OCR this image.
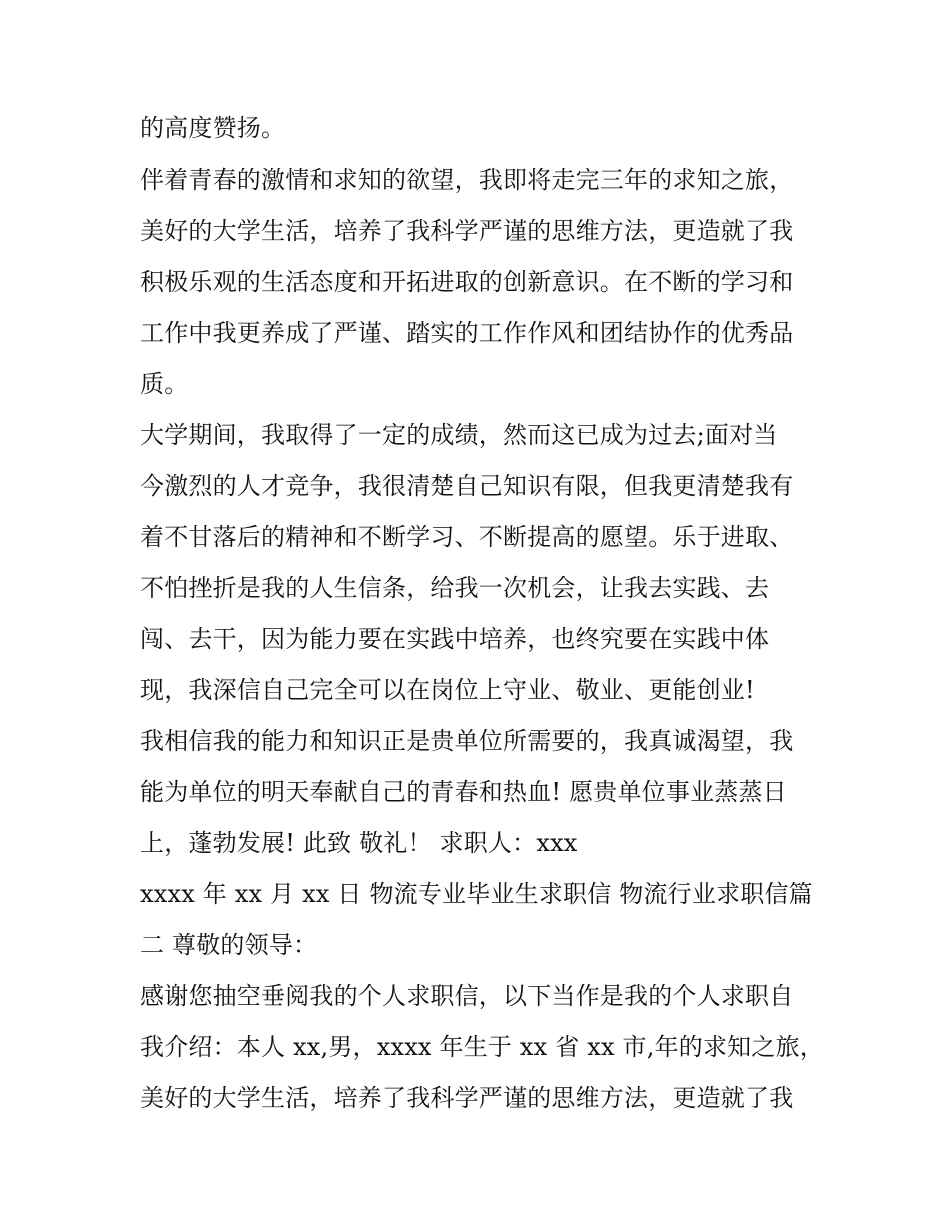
的高度赞扬。
伴着青春的激情和求知的欲望，我即将走完三年的求知之旅，
美好的大学生活，培养了我科学严谨的思维方法，更造就了我
积极乐观的生活态度和开拓进取的创新意识。在不断的学习和
工作中我更养成了严谨、踏实的工作作风和团结协作的优秀品
质。
大学期间，我取得了一定的成绩，然而这已成为过去;面对当
今激烈的人才竞争，我很清楚自己知识有限，但我更清楚我有
着不甘落后的精神和不断学习、不断提高的愿望。乐于进取、
不怕挫折是我的人生信条，给我一次机会，让我去实践、去
闯、去干，因为能力要在实践中培养，也终究要在实践中体
现，我深信自己完全可以在岗位上守业、敬业、更能创业!
我相信我的能力和知识正是贵单位所需要的，我真诚渴望，我
能为单位的明天奉献自己的青春和热血! 愿贵单位事业蒸蒸日
上，蓬勃发展! 此致 敬礼！ 求职人：xxx
xxxx 年 xx 月 xx 日 物流专业毕业生求职信 物流行业求职信篇
二 尊敬的领导：
感谢您抽空垂阅我的个人求职信，以下当作是我的个人求职自
我介绍：本人 xx,男，xxxx 年生于 xx 省 xx 市,年的求知之旅，
美好的大学生活，培养了我科学严谨的思维方法，更造就了我
